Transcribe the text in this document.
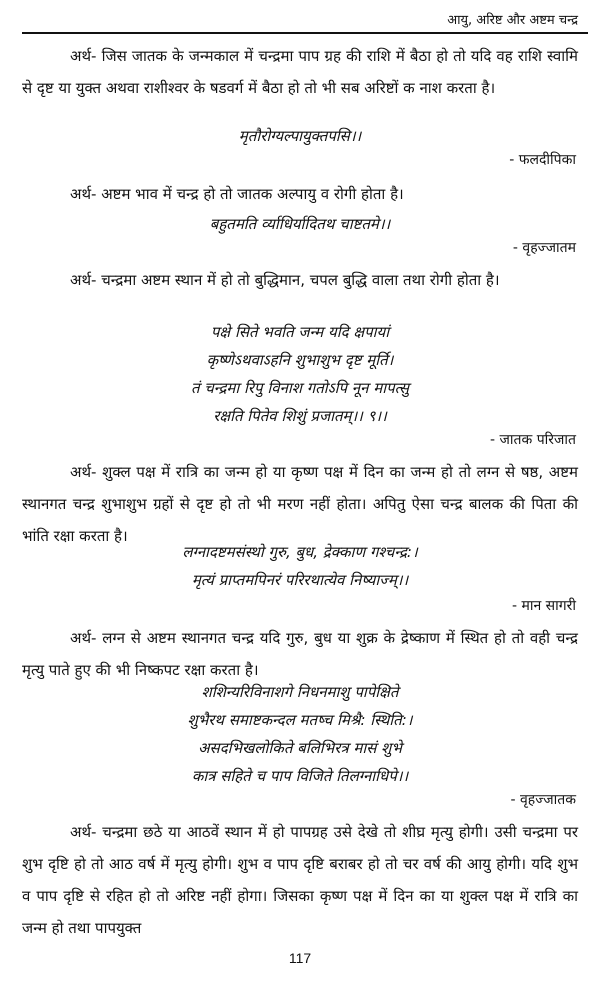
आयु, अरिष्ट और अष्टम चन्द्र
अर्थ- जिस जातक के जन्मकाल में चन्द्रमा पाप ग्रह की राशि में बैठा हो तो यदि वह राशि स्वामि से दृष्ट या युक्त अथवा राशीश्वर के षडवर्ग में बैठा हो तो भी सब अरिष्टों क नाश करता है।
मृतौरोग्यल्पायुक्तपसि।।
- फलदीपिका
अर्थ- अष्टम भाव में चन्द्र हो तो जातक अल्पायु व रोगी होता है।
बहुतमति र्व्याधिर्यादितथ चाष्टतमे।।
- वृहज्जातम
अर्थ- चन्द्रमा अष्टम स्थान में हो तो बुद्धिमान, चपल बुद्धि वाला तथा रोगी होता है।
पक्षे सिते भवति जन्म यदि क्षपायां
कृष्णेऽथवाऽहनि शुभाशुभ दृष्ट मूर्ति।
तं चन्द्रमा रिपु विनाश गतोऽपि नून मापत्सु
रक्षति पितेव शिशुं प्रजातम्।। ९।।
- जातक परिजात
अर्थ- शुक्ल पक्ष में रात्रि का जन्म हो या कृष्ण पक्ष में दिन का जन्म हो तो लग्न से षष्ठ, अष्टम स्थानगत चन्द्र शुभाशुभ ग्रहों से दृष्ट हो तो भी मरण नहीं होता। अपितु ऐसा चन्द्र बालक की पिता की भांति रक्षा करता है।
लग्नादष्टमसंस्थो गुरु, बुध, द्रेक्काण गश्चन्द्र:।
मृत्यं प्राप्तमपिनरं परिरथात्येव निष्याज्म्।।
- मान सागरी
अर्थ- लग्न से अष्टम स्थानगत चन्द्र यदि गुरु, बुध या शुक्र के द्रेष्काण में स्थित हो तो वही चन्द्र मृत्यु पाते हुए की भी निष्कपट रक्षा करता है।
शशिन्यरिविनाशगे निधनमाशु पापेक्षिते
शुभैरथ समाष्टकन्दल मतष्च मिश्रै: स्थिति:।
असदभिखलोकिते बलिभिरत्र मासं शुभे
कात्र सहिते च पाप विजिते तिलग्नाधिपे।।
- वृहज्जातक
अर्थ- चन्द्रमा छठे या आठवें स्थान में हो पापग्रह उसे देखे तो शीघ्र मृत्यु होगी। उसी चन्द्रमा पर शुभ दृष्टि हो तो आठ वर्ष में मृत्यु होगी। शुभ व पाप दृष्टि बराबर हो तो चर वर्ष की आयु होगी। यदि शुभ व पाप दृष्टि से रहित हो तो अरिष्ट नहीं होगा। जिसका कृष्ण पक्ष में दिन का या शुक्ल पक्ष में रात्रि का जन्म हो तथा पापयुक्त
117
